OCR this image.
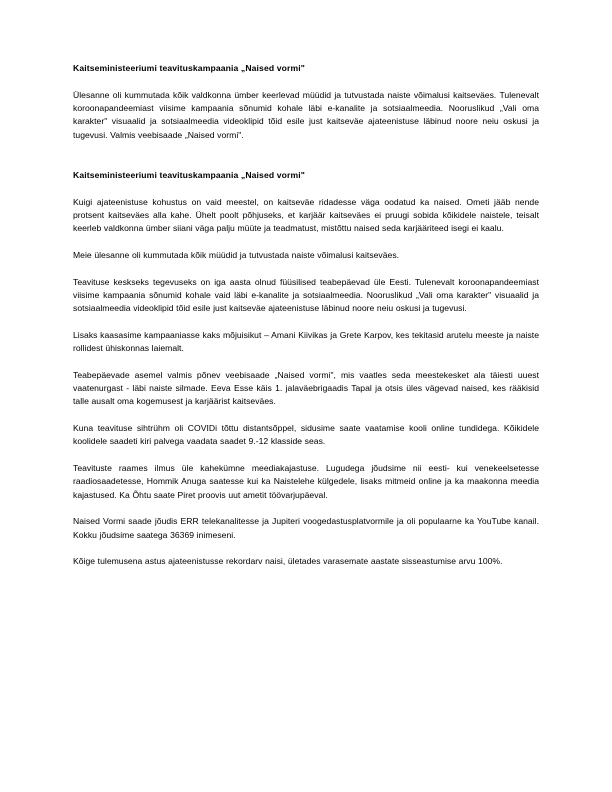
Kaitseministeeriumi teavituskampaania „Naised vormi"

Ülesanne oli kummutada kõik valdkonna ümber keerlevad müüdid ja tutvustada naiste võimalusi kaitseväes. Tulenevalt koroonapandeemiast viisime kampaania sõnumid kohale läbi e-kanalite ja sotsiaalmeedia. Nooruslikud „Vali oma karakter" visuaalid ja sotsiaalmeedia videoklipid tõid esile just kaitseväe ajateenistuse läbinud noore neiu oskusi ja tugevusi. Valmis veebisaade „Naised vormi".

Kaitseministeeriumi teavituskampaania „Naised vormi"

Kuigi ajateenistuse kohustus on vaid meestel, on kaitseväe ridadesse väga oodatud ka naised. Ometi jääb nende protsent kaitseväes alla kahe. Ühelt poolt põhjuseks, et karjäär kaitseväes ei pruugi sobida kõikidele naistele, teisalt keerleb valdkonna ümber siiani väga palju müüte ja teadmatust, mistõttu naised seda karjääriteed isegi ei kaalu.

Meie ülesanne oli kummutada kõik müüdid ja tutvustada naiste võimalusi kaitseväes.

Teavituse keskseks tegevuseks on iga aasta olnud füüsilised teabepäevad üle Eesti. Tulenevalt koroonapandeemiast viisime kampaania sõnumid kohale vaid läbi e-kanalite ja sotsiaalmeedia. Nooruslikud „Vali oma karakter" visuaalid ja sotsiaalmeedia videoklipid tõid esile just kaitseväe ajateenistuse läbinud noore neiu oskusi ja tugevusi.

Lisaks kaasasime kampaaniasse kaks mõjuisikut – Amani Kiivikas ja Grete Karpov, kes tekitasid arutelu meeste ja naiste rollidest ühiskonnas laiemalt.

Teabepäevade asemel valmis põnev veebisaade „Naised vormi", mis vaatles seda meestekesket ala täiesti uuest vaatenurgast - läbi naiste silmade. Eeva Esse käis 1. jalaväebrigaadis Tapal ja otsis üles vägevad naised, kes rääkisid talle ausalt oma kogemusest ja karjäärist kaitseväes.

Kuna teavituse sihtrühm oli COVIDi tõttu distantsõppel, sidusime saate vaatamise kooli online tundidega. Kõikidele koolidele saadeti kiri palvega vaadata saadet 9.-12 klasside seas.

Teavituste raames ilmus üle kahekümne meediakajastuse. Lugudega jõudsime nii eesti- kui venekeelsetesse raadiosaadetesse, Hommik Anuga saatesse kui ka Naistelehe külgedele, lisaks mitmeid online ja ka maakonna meedia kajastused. Ka Õhtu saate Piret proovis uut ametit töövarjupäeval.

Naised Vormi saade jõudis ERR telekanalitesse ja Jupiteri voogedastusplatvormile ja oli populaarne ka YouTube kanail. Kokku jõudsime saatega 36369 inimeseni.

Kõige tulemusena astus ajateenistusse rekordarv naisi, ületades varasemate aastate sisseastumise arvu 100%.
